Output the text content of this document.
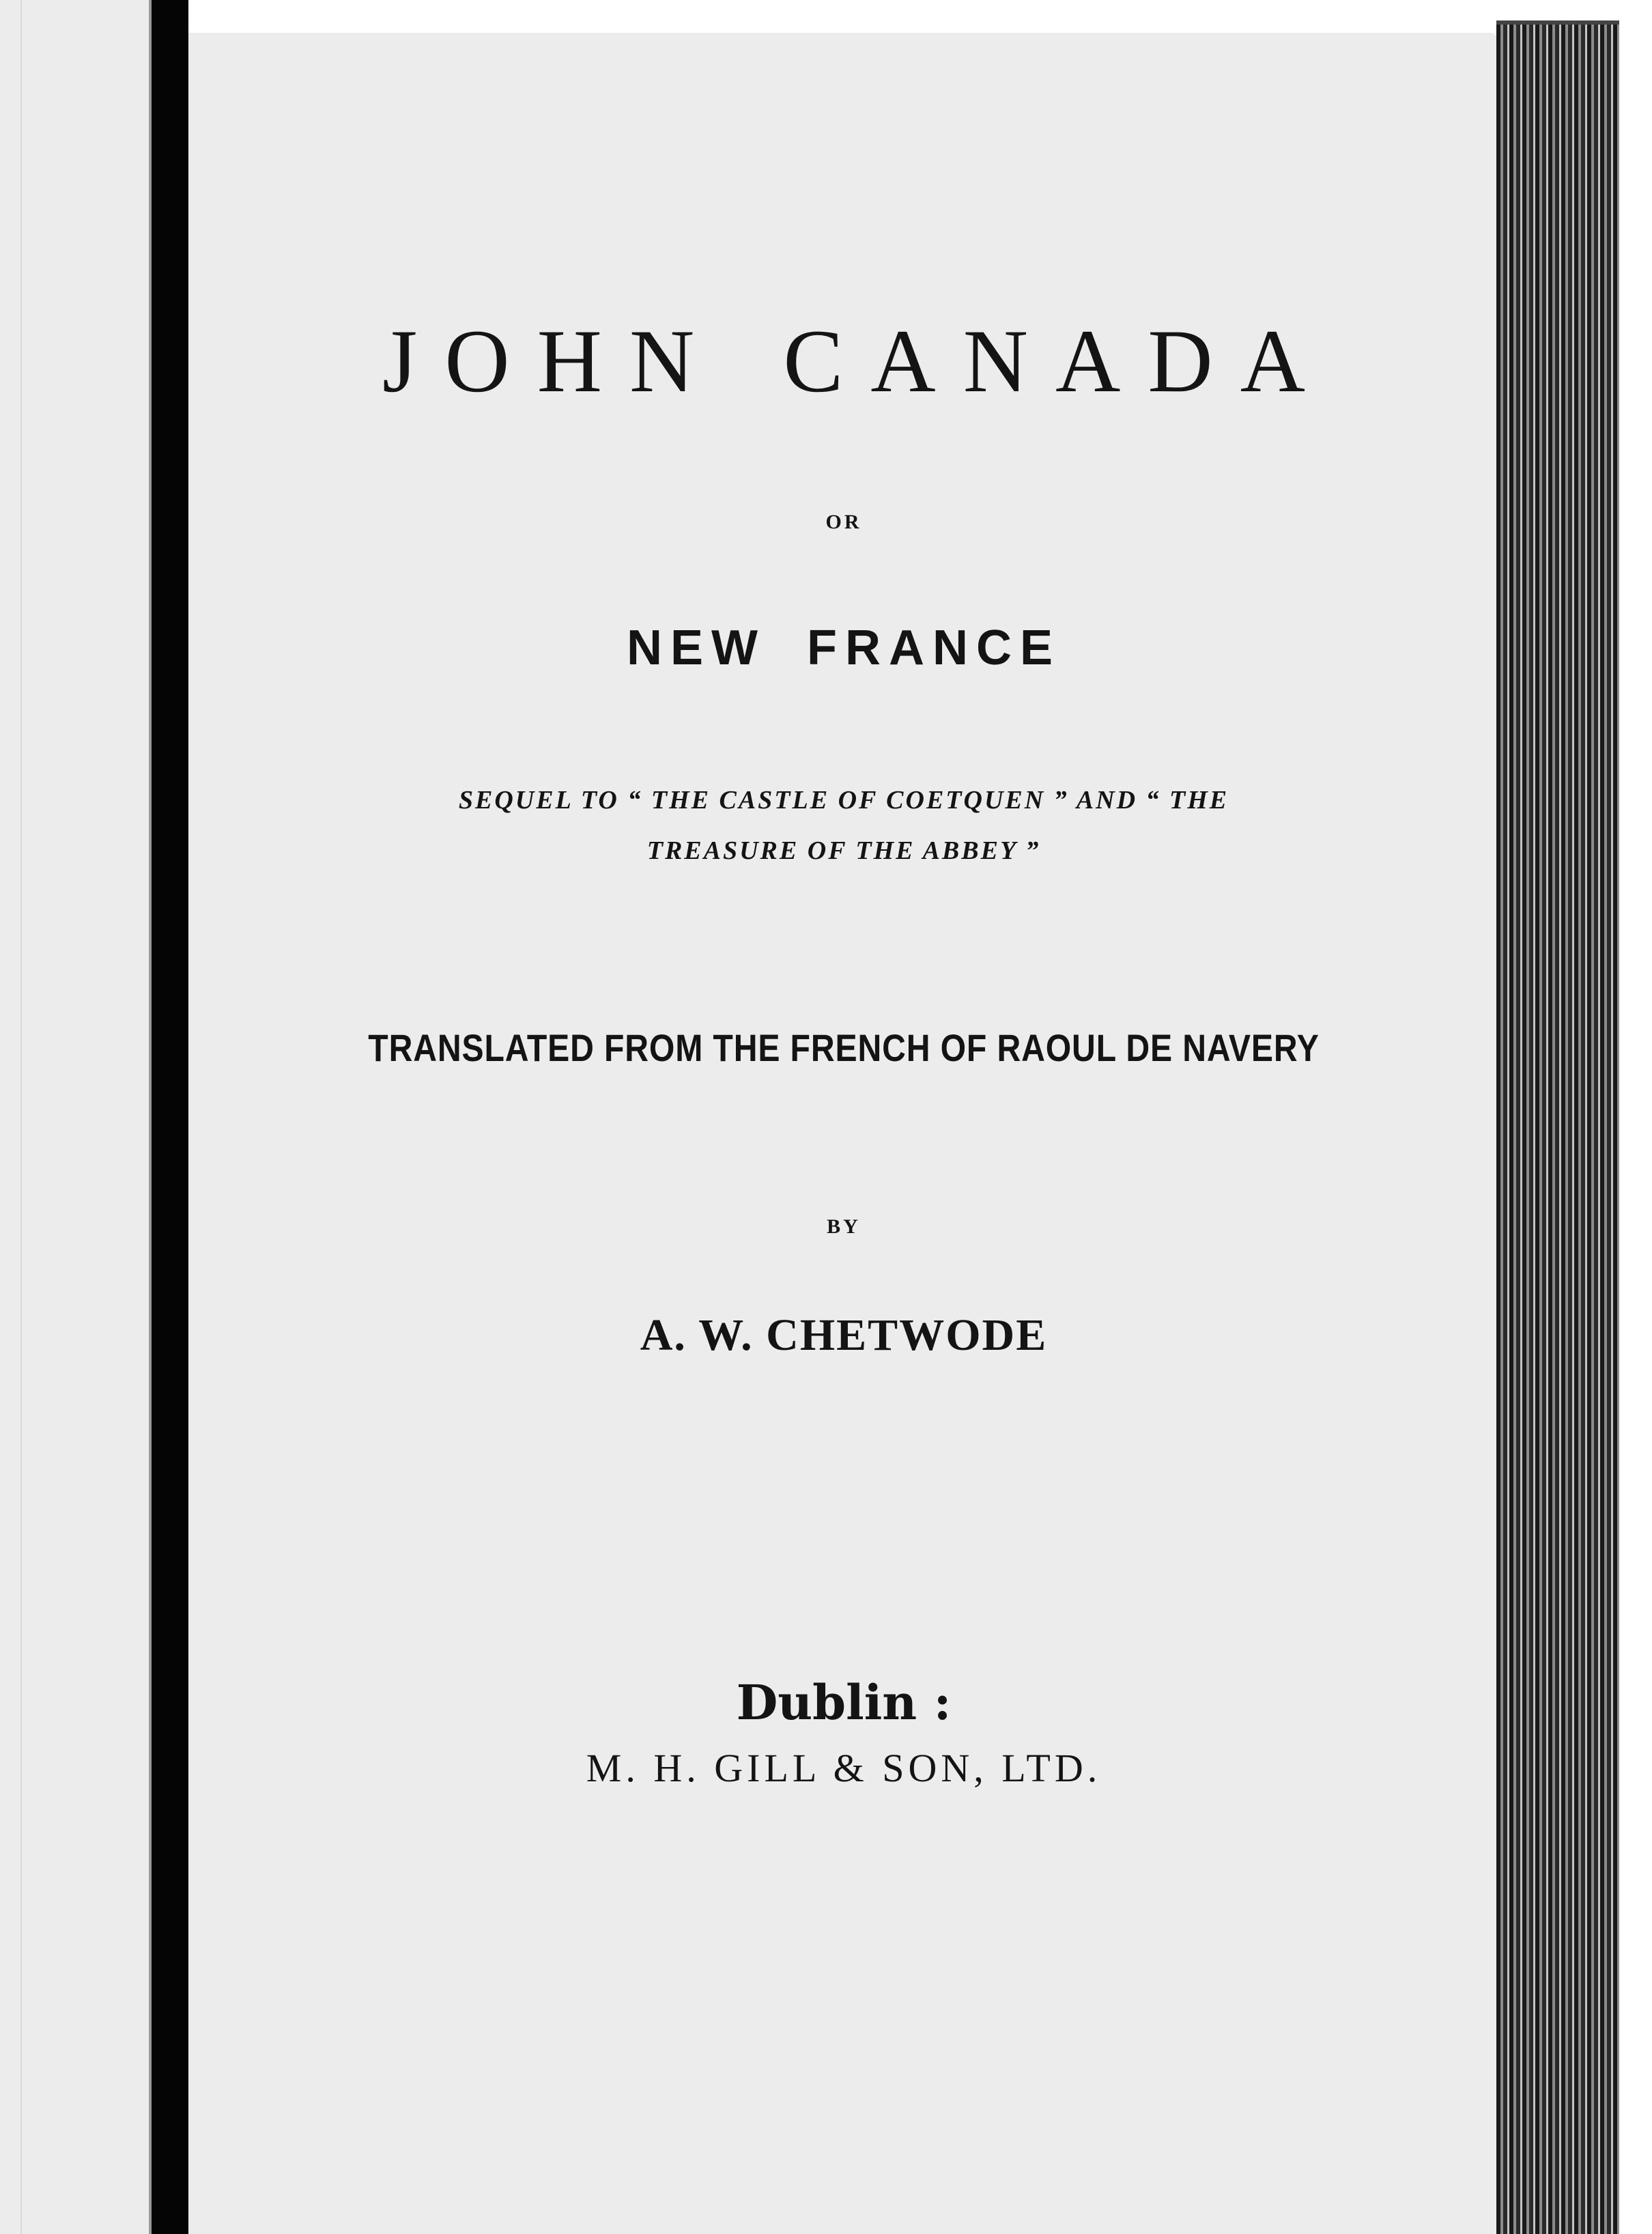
JOHN CANADA

OR

NEW FRANCE

SEQUEL TO “ THE CASTLE OF COETQUEN ” AND “ THE

TREASURE OF THE ABBEY ”

TRANSLATED FROM THE FRENCH OF RAOUL DE NAVERY

BY

A. W. CHETWODE

Dublin :

M. H. GILL & SON, LTD.
